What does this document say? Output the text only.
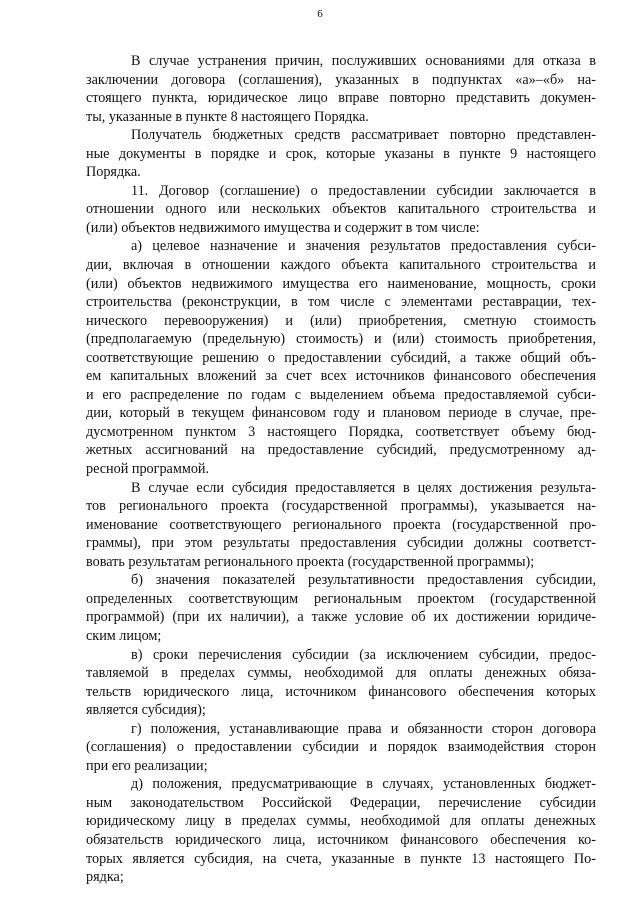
6
В случае устранения причин, послуживших основаниями для отказа в
заключении договора (соглашения), указанных в подпунктах «а»–«б» на-
стоящего пункта, юридическое лицо вправе повторно представить докумен-
ты, указанные в пункте 8 настоящего Порядка.
Получатель бюджетных средств рассматривает повторно представлен-
ные документы в порядке и срок, которые указаны в пункте 9 настоящего
Порядка.
11. Договор (соглашение) о предоставлении субсидии заключается в
отношении одного или нескольких объектов капитального строительства и
(или) объектов недвижимого имущества и содержит в том числе:
а) целевое назначение и значения результатов предоставления субси-
дии, включая в отношении каждого объекта капитального строительства и
(или) объектов недвижимого имущества его наименование, мощность, сроки
строительства (реконструкции, в том числе с элементами реставрации, тех-
нического перевооружения) и (или) приобретения, сметную стоимость
(предполагаемую (предельную) стоимость) и (или) стоимость приобретения,
соответствующие решению о предоставлении субсидий, а также общий объ-
ем капитальных вложений за счет всех источников финансового обеспечения
и его распределение по годам с выделением объема предоставляемой субси-
дии, который в текущем финансовом году и плановом периоде в случае, пре-
дусмотренном пунктом 3 настоящего Порядка, соответствует объему бюд-
жетных ассигнований на предоставление субсидий, предусмотренному ад-
ресной программой.
В случае если субсидия предоставляется в целях достижения результа-
тов регионального проекта (государственной программы), указывается на-
именование соответствующего регионального проекта (государственной про-
граммы), при этом результаты предоставления субсидии должны соответст-
вовать результатам регионального проекта (государственной программы);
б) значения показателей результативности предоставления субсидии,
определенных соответствующим региональным проектом (государственной
программой) (при их наличии), а также условие об их достижении юридиче-
ским лицом;
в) сроки перечисления субсидии (за исключением субсидии, предос-
тавляемой в пределах суммы, необходимой для оплаты денежных обяза-
тельств юридического лица, источником финансового обеспечения которых
является субсидия);
г) положения, устанавливающие права и обязанности сторон договора
(соглашения) о предоставлении субсидии и порядок взаимодействия сторон
при его реализации;
д) положения, предусматривающие в случаях, установленных бюджет-
ным законодательством Российской Федерации, перечисление субсидии
юридическому лицу в пределах суммы, необходимой для оплаты денежных
обязательств юридического лица, источником финансового обеспечения ко-
торых является субсидия, на счета, указанные в пункте 13 настоящего По-
рядка;
